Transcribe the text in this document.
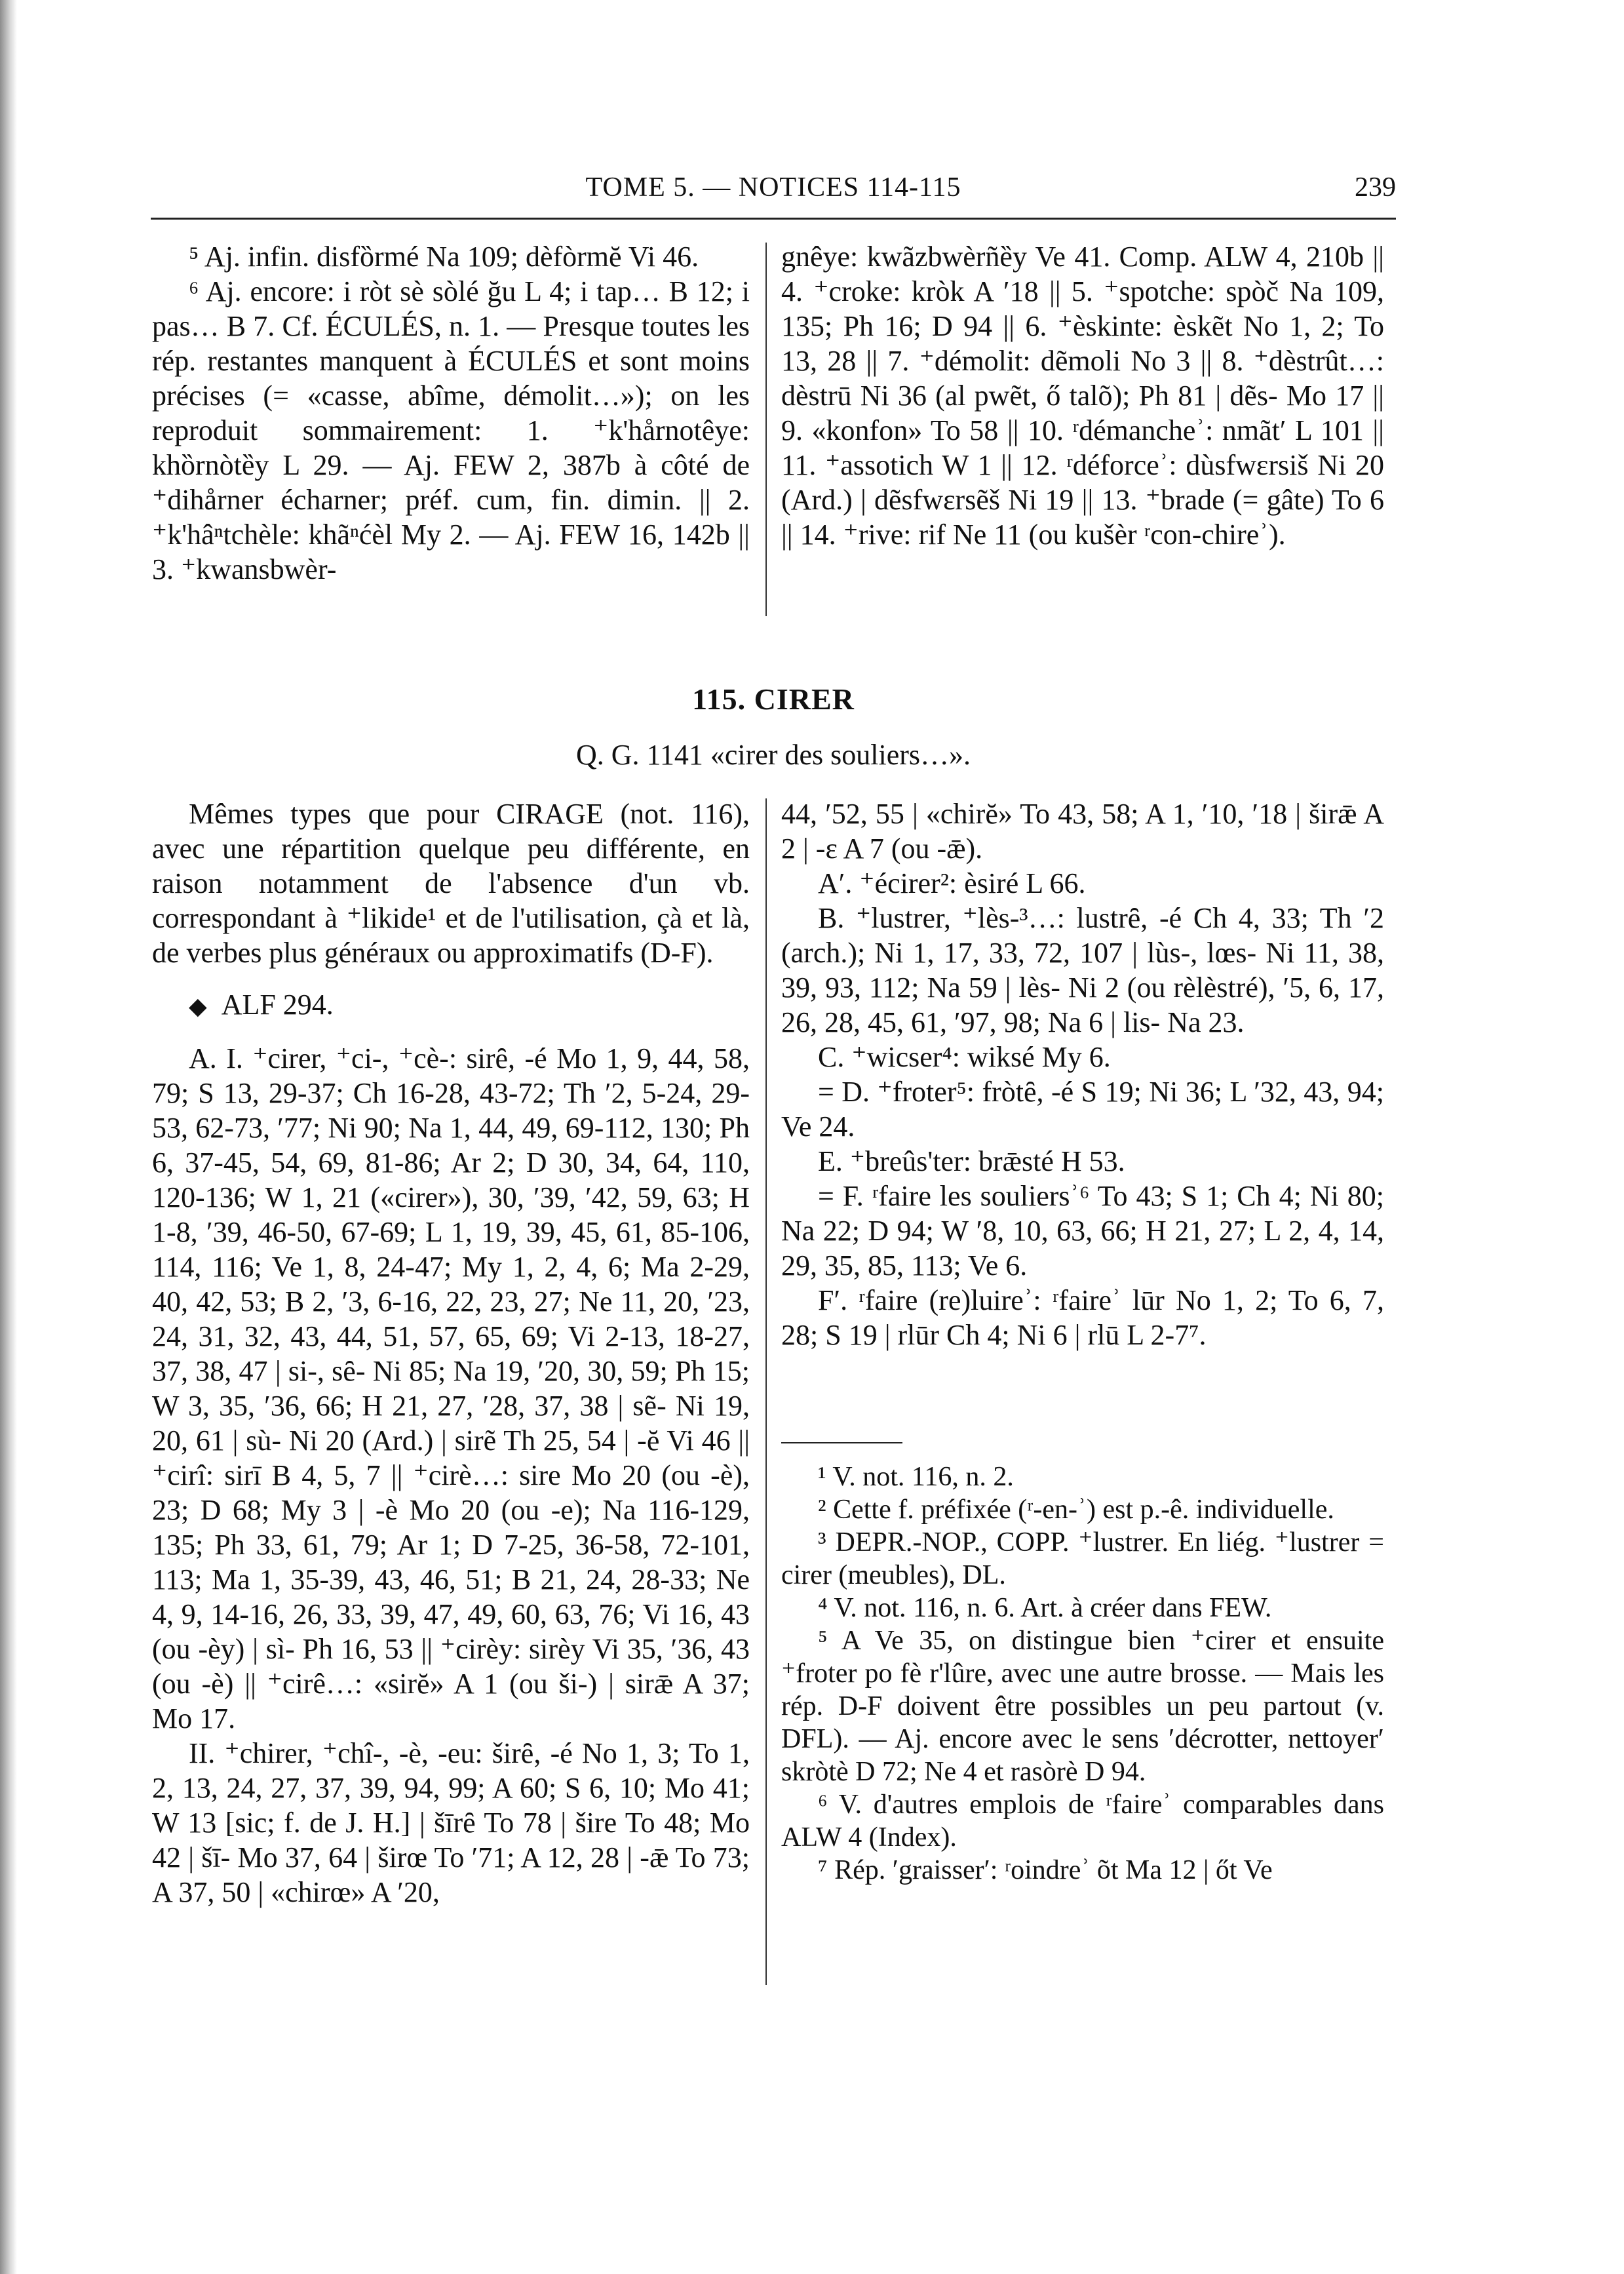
TOME 5. — NOTICES 114-115	239

⁵ Aj. infin. disfȍrmé Na 109; dèfòrmĕ Vi 46.

⁶ Aj. encore: i ròt sè sòlé ğu L 4; i tap… B 12; i pas… B 7. Cf. ÉCULÉS, n. 1. — Presque toutes les rép. restantes manquent à ÉCULÉS et sont moins précises (= «casse, abîme, démolit…»); on les reproduit sommairement: 1. ⁺k'hårnotêye: khȍrnòtȅy L 29. — Aj. FEW 2, 387b à côté de ⁺dihårner écharner; préf. cum, fin. dimin. || 2. ⁺k'hâⁿtchèle: khãⁿćèl My 2. — Aj. FEW 16, 142b || 3. ⁺kwansbwèr-

gnêye: kwãzbwèrñȅy Ve 41. Comp. ALW 4, 210b || 4. ⁺croke: kròk A ʹ18 || 5. ⁺spotche: spòč Na 109, 135; Ph 16; D 94 || 6. ⁺èskinte: èskẽt No 1, 2; To 13, 28 || 7. ⁺démolit: dẽmoli No 3 || 8. ⁺dèstrût…: dèstrū Ni 36 (al pwẽt, ő talõ); Ph 81 | dẽs- Mo 17 || 9. «konfon» To 58 || 10. ʳdémancheʾ: nmãtʹ L 101 || 11. ⁺assotich W 1 || 12. ʳdéforceʾ: dùsfwɛrsiš Ni 20 (Ard.) | dẽsfwɛrsẽš Ni 19 || 13. ⁺brade (= gâte) To 6 || 14. ⁺rive: rif Ne 11 (ou kušèr ʳcon-chireʾ).

115. CIRER
Q. G. 1141 «cirer des souliers…».

Mêmes types que pour CIRAGE (not. 116), avec une répartition quelque peu différente, en raison notamment de l'absence d'un vb. correspondant à ⁺likide¹ et de l'utilisation, çà et là, de verbes plus généraux ou approximatifs (D-F).

◆ ALF 294.

A. I. ⁺cirer, ⁺ci-, ⁺cè-: sirȇ, -é Mo 1, 9, 44, 58, 79; S 13, 29-37; Ch 16-28, 43-72; Th ʹ2, 5-24, 29-53, 62-73, ʹ77; Ni 90; Na 1, 44, 49, 69-112, 130; Ph 6, 37-45, 54, 69, 81-86; Ar 2; D 30, 34, 64, 110, 120-136; W 1, 21 («cirer»), 30, ʹ39, ʹ42, 59, 63; H 1-8, ʹ39, 46-50, 67-69; L 1, 19, 39, 45, 61, 85-106, 114, 116; Ve 1, 8, 24-47; My 1, 2, 4, 6; Ma 2-29, 40, 42, 53; B 2, ʹ3, 6-16, 22, 23, 27; Ne 11, 20, ʹ23, 24, 31, 32, 43, 44, 51, 57, 65, 69; Vi 2-13, 18-27, 37, 38, 47 | si-, sȇ- Ni 85; Na 19, ʹ20, 30, 59; Ph 15; W 3, 35, ʹ36, 66; H 21, 27, ʹ28, 37, 38 | sẽ- Ni 19, 20, 61 | sù- Ni 20 (Ard.) | sirẽ Th 25, 54 | -ĕ Vi 46 || ⁺cirî: sirī B 4, 5, 7 || ⁺cirè…: sire Mo 20 (ou -è), 23; D 68; My 3 | -è Mo 20 (ou -e); Na 116-129, 135; Ph 33, 61, 79; Ar 1; D 7-25, 36-58, 72-101, 113; Ma 1, 35-39, 43, 46, 51; B 21, 24, 28-33; Ne 4, 9, 14-16, 26, 33, 39, 47, 49, 60, 63, 76; Vi 16, 43 (ou -èy) | sì- Ph 16, 53 || ⁺cirèy: sirèy Vi 35, ʹ36, 43 (ou -è) || ⁺cirê…: «sirĕ» A 1 (ou ši-) | sirǣ A 37; Mo 17.

II. ⁺chirer, ⁺chî-, -è, -eu: širȇ, -é No 1, 3; To 1, 2, 13, 24, 27, 37, 39, 94, 99; A 60; S 6, 10; Mo 41; W 13 [sic; f. de J. H.] | šīrȇ To 78 | šire To 48; Mo 42 | šī- Mo 37, 64 | širœ To ʹ71; A 12, 28 | -ǣ To 73; A 37, 50 | «chirœ» A ʹ20,

44, ʹ52, 55 | «chirĕ» To 43, 58; A 1, ʹ10, ʹ18 | širǣ A 2 | -ɛ A 7 (ou -ǣ).

Aʹ. ⁺écirer²: èsiré L 66.

B. ⁺lustrer, ⁺lès-³…: lustrȇ, -é Ch 4, 33; Th ʹ2 (arch.); Ni 1, 17, 33, 72, 107 | lùs-, lœs- Ni 11, 38, 39, 93, 112; Na 59 | lès- Ni 2 (ou rèlèstré), ʹ5, 6, 17, 26, 28, 45, 61, ʹ97, 98; Na 6 | lis- Na 23.

C. ⁺wicser⁴: wiksé My 6.

= D. ⁺froter⁵: fròtȇ, -é S 19; Ni 36; L ʹ32, 43, 94; Ve 24.

E. ⁺breûs'ter: brǣsté H 53.

= F. ʳfaire les souliersʾ⁶ To 43; S 1; Ch 4; Ni 80; Na 22; D 94; W ʹ8, 10, 63, 66; H 21, 27; L 2, 4, 14, 29, 35, 85, 113; Ve 6.

Fʹ. ʳfaire (re)luireʾ: ʳfaireʾ lūr No 1, 2; To 6, 7, 28; S 19 | rlūr Ch 4; Ni 6 | rlū L 2-7⁷.

¹ V. not. 116, n. 2.

² Cette f. préfixée (ʳ-en-ʾ) est p.-ê. individuelle.

³ DEPR.-NOP., COPP. ⁺lustrer. En liég. ⁺lustrer = cirer (meubles), DL.

⁴ V. not. 116, n. 6. Art. à créer dans FEW.

⁵ A Ve 35, on distingue bien ⁺cirer et ensuite ⁺froter po fè r'lûre, avec une autre brosse. — Mais les rép. D-F doivent être possibles un peu partout (v. DFL). — Aj. encore avec le sens ʹdécrotter, nettoyerʹ skròtè D 72; Ne 4 et rasòrè D 94.

⁶ V. d'autres emplois de ʳfaireʾ comparables dans ALW 4 (Index).

⁷ Rép. ʹgraisserʹ: ʳoindreʾ õt Ma 12 | őt Ve
